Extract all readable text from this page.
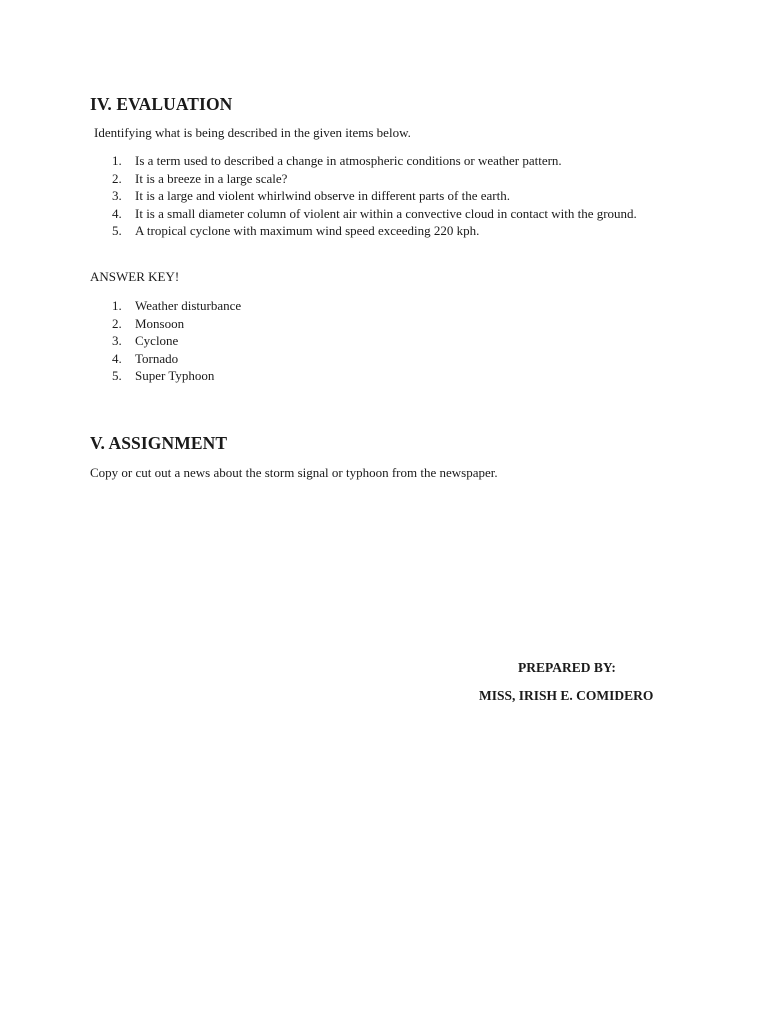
IV. EVALUATION

Identifying what is being described in the given items below.

1.	Is a term used to described a change in atmospheric conditions or weather pattern.
2.	It is a breeze in a large scale?
3.	It is a large and violent whirlwind observe in different parts of the earth.
4.	It is a small diameter column of violent air within a convective cloud in contact with the ground.
5.	A tropical cyclone with maximum wind speed exceeding 220 kph.

ANSWER KEY!

1.	Weather disturbance
2.	Monsoon
3.	Cyclone
4.	Tornado
5.	Super Typhoon
V. ASSIGNMENT

Copy or cut out a news about the storm signal or typhoon from the newspaper.

PREPARED BY:

MISS, IRISH E. COMIDERO
